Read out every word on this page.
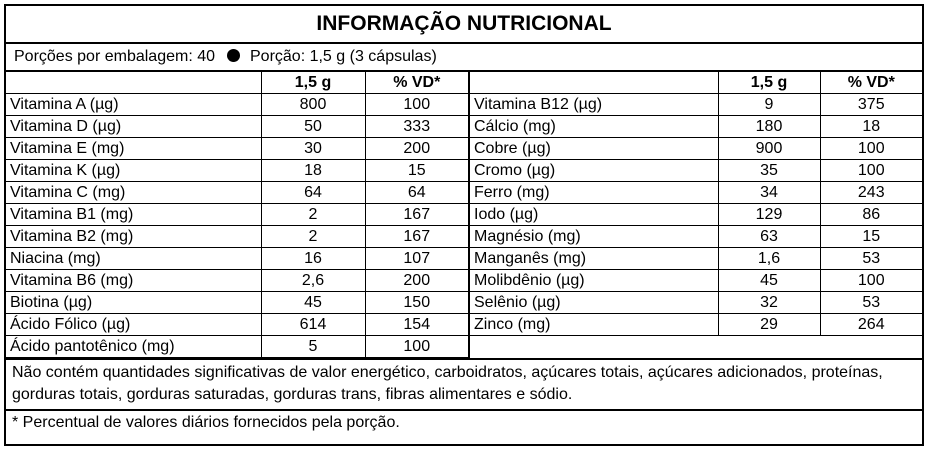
INFORMAÇÃO NUTRICIONAL
Porções por embalagem: 40 Porção: 1,5 g (3 cápsulas)
	1,5 g	% VD*		1,5 g	% VD*
Vitamina A (µg)	800	100	Vitamina B12 (µg)	9	375
Vitamina D (µg)	50	333	Cálcio (mg)	180	18
Vitamina E (mg)	30	200	Cobre (µg)	900	100
Vitamina K (µg)	18	15	Cromo (µg)	35	100
Vitamina C (mg)	64	64	Ferro (mg)	34	243
Vitamina B1 (mg)	2	167	Iodo (µg)	129	86
Vitamina B2 (mg)	2	167	Magnésio (mg)	63	15
Niacina (mg)	16	107	Manganês (mg)	1,6	53
Vitamina B6 (mg)	2,6	200	Molibdênio (µg)	45	100
Biotina (µg)	45	150	Selênio (µg)	32	53
Ácido Fólico (µg)	614	154	Zinco (mg)	29	264
Ácido pantotênico (mg)	5	100			
Não contém quantidades significativas de valor energético, carboidratos, açúcares totais, açúcares adicionados, proteínas, gorduras totais, gorduras saturadas, gorduras trans, fibras alimentares e sódio.
* Percentual de valores diários fornecidos pela porção.
